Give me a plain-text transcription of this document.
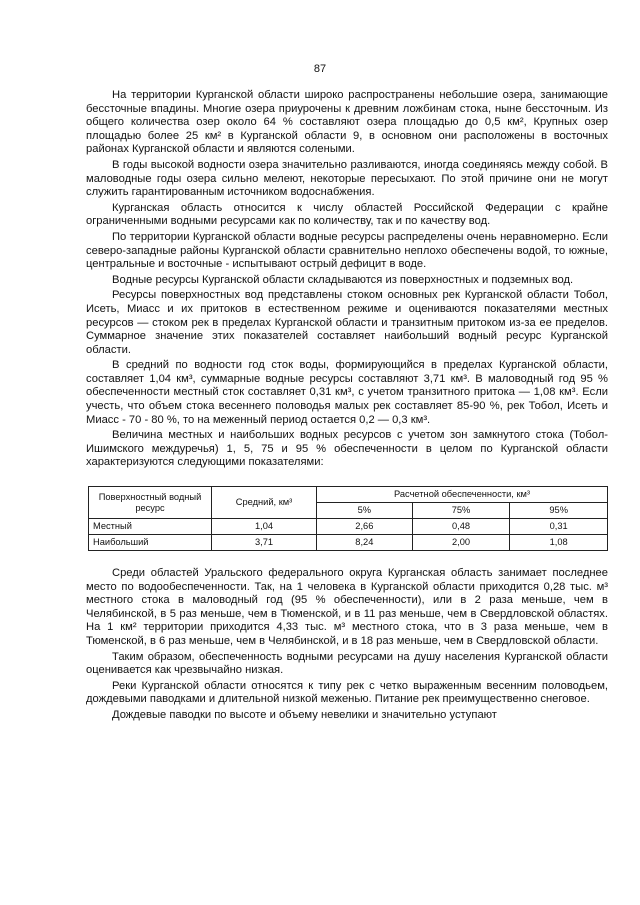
87

На территории Курганской области широко распространены небольшие озера, занимающие бессточные впадины. Многие озера приурочены к древним ложбинам стока, ныне бессточным. Из общего количества озер около 64 % составляют озера площадью до 0,5 км², Крупных озер площадью более 25 км² в Курганской области 9, в основном они расположены в восточных районах Курганской области и являются солеными.

В годы высокой водности озера значительно разливаются, иногда соединяясь между собой. В маловодные годы озера сильно мелеют, некоторые пересыхают. По этой причине они не могут служить гарантированным источником водоснабжения.

Курганская область относится к числу областей Российской Федерации с крайне ограниченными водными ресурсами как по количеству, так и по качеству вод.

По территории Курганской области водные ресурсы распределены очень неравномерно. Если северо-западные районы Курганской области сравнительно неплохо обеспечены водой, то южные, центральные и восточные - испытывают острый дефицит в воде.

Водные ресурсы Курганской области складываются из поверхностных и подземных вод.

Ресурсы поверхностных вод представлены стоком основных рек Курганской области Тобол, Исеть, Миасс и их притоков в естественном режиме и оцениваются показателями местных ресурсов — стоком рек в пределах Курганской области и транзитным притоком из-за ее пределов. Суммарное значение этих показателей составляет наибольший водный ресурс Курганской области.

В средний по водности год сток воды, формирующийся в пределах Курганской области, составляет 1,04 км³, суммарные водные ресурсы составляют 3,71 км³. В маловодный год 95 % обеспеченности местный сток составляет 0,31 км³, с учетом транзитного притока — 1,08 км³. Если учесть, что объем стока весеннего половодья малых рек составляет 85-90 %, рек Тобол, Исеть и Миасс - 70 - 80 %, то на меженный период остается 0,2 — 0,3 км³.

Величина местных и наибольших водных ресурсов с учетом зон замкнутого стока (Тобол-Ишимского междуречья) 1, 5, 75 и 95 % обеспеченности в целом по Курганской области характеризуются следующими показателями:

Поверхностный водный ресурс	Средний, км³	Расчетной обеспеченности, км³		
		5%	75%	95%
Местный	1,04	2,66	0,48	0,31
Наибольший	3,71	8,24	2,00	1,08

Среди областей Уральского федерального округа Курганская область занимает последнее место по водообеспеченности. Так, на 1 человека в Курганской области приходится 0,28 тыс. м³ местного стока в маловодный год (95 % обеспеченности), или в 2 раза меньше, чем в Челябинской, в 5 раз меньше, чем в Тюменской, и в 11 раз меньше, чем в Свердловской областях. На 1 км² территории приходится 4,33 тыс. м³ местного стока, что в 3 раза меньше, чем в Тюменской, в 6 раз меньше, чем в Челябинской, и в 18 раз меньше, чем в Свердловской области.

Таким образом, обеспеченность водными ресурсами на душу населения Курганской области оценивается как чрезвычайно низкая.

Реки Курганской области относятся к типу рек с четко выраженным весенним половодьем, дождевыми паводками и длительной низкой меженью. Питание рек преимущественно снеговое.

Дождевые паводки по высоте и объему невелики и значительно уступают
